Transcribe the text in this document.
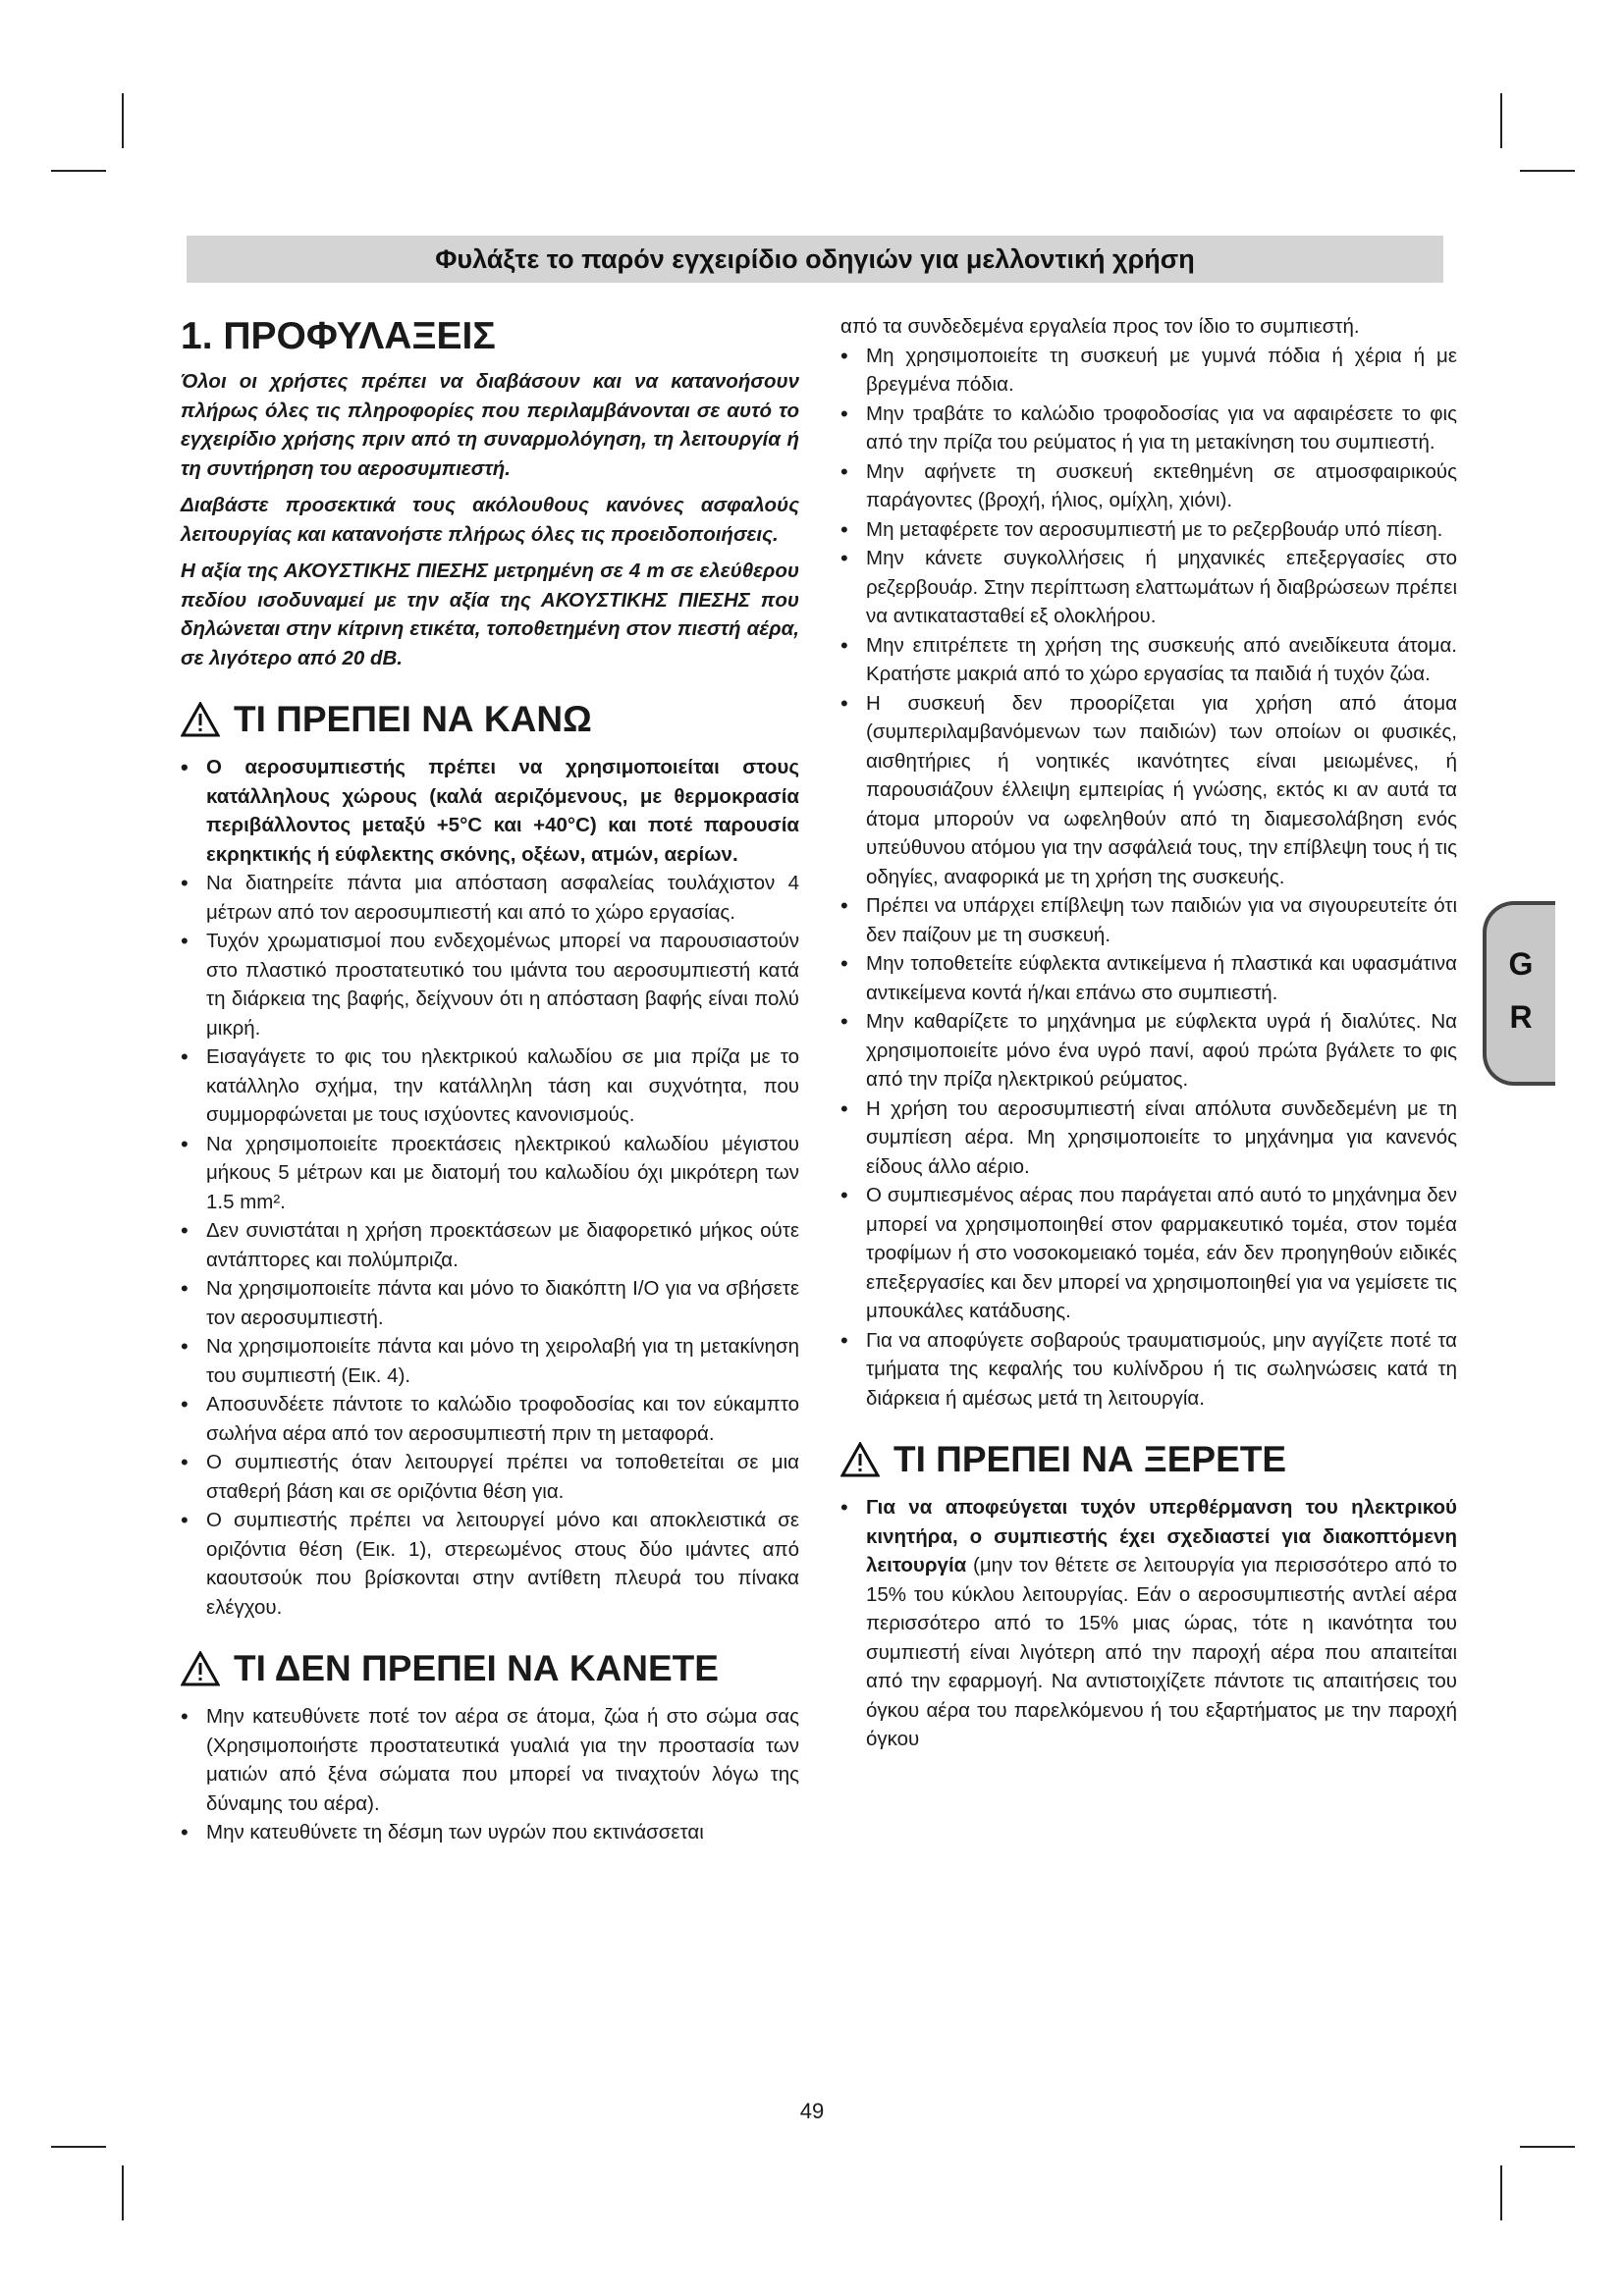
Φυλάξτε το παρόν εγχειρίδιο οδηγιών για μελλοντική χρήση
1. ΠΡΟΦΥΛΑΞΕΙΣ

Όλοι οι χρήστες πρέπει να διαβάσουν και να κατανοήσουν πλήρως όλες τις πληροφορίες που περιλαμβάνονται σε αυτό το εγχειρίδιο χρήσης πριν από τη συναρμολόγηση, τη λειτουργία ή τη συντήρηση του αεροσυμπιεστή.

Διαβάστε προσεκτικά τους ακόλουθους κανόνες ασφαλούς λειτουργίας και κατανοήστε πλήρως όλες τις προειδοποιήσεις.

Η αξία της ΑΚΟΥΣΤΙΚΗΣ ΠΙΕΣΗΣ μετρημένη σε 4 m σε ελεύθερου πεδίου ισοδυναμεί με την αξία της ΑΚΟΥΣΤΙΚΗΣ ΠΙΕΣΗΣ που δηλώνεται στην κίτρινη ετικέτα, τοποθετημένη στον πιεστή αέρα, σε λιγότερο από 20 dB.

ΤΙ ΠΡΕΠΕΙ ΝΑ ΚΑΝΩ
• Ο αεροσυμπιεστής πρέπει να χρησιμοποιείται στους κατάλληλους χώρους (καλά αεριζόμενους, με θερμοκρασία περιβάλλοντος μεταξύ +5°C και +40°C) και ποτέ παρουσία εκρηκτικής ή εύφλεκτης σκόνης, οξέων, ατμών, αερίων.
• Να διατηρείτε πάντα μια απόσταση ασφαλείας τουλάχιστον 4 μέτρων από τον αεροσυμπιεστή και από το χώρο εργασίας.
• Τυχόν χρωματισμοί που ενδεχομένως μπορεί να παρουσιαστούν στο πλαστικό προστατευτικό του ιμάντα του αεροσυμπιεστή κατά τη διάρκεια της βαφής, δείχνουν ότι η απόσταση βαφής είναι πολύ μικρή.
• Εισαγάγετε το φις του ηλεκτρικού καλωδίου σε μια πρίζα με το κατάλληλο σχήμα, την κατάλληλη τάση και συχνότητα, που συμμορφώνεται με τους ισχύοντες κανονισμούς.
• Να χρησιμοποιείτε προεκτάσεις ηλεκτρικού καλωδίου μέγιστου μήκους 5 μέτρων και με διατομή του καλωδίου όχι μικρότερη των 1.5 mm².
• Δεν συνιστάται η χρήση προεκτάσεων με διαφορετικό μήκος ούτε αντάπτορες και πολύμπριζα.
• Να χρησιμοποιείτε πάντα και μόνο το διακόπτη I/O για να σβήσετε τον αεροσυμπιεστή.
• Να χρησιμοποιείτε πάντα και μόνο τη χειρολαβή για τη μετακίνηση του συμπιεστή (Εικ. 4).
• Αποσυνδέετε πάντοτε το καλώδιο τροφοδοσίας και τον εύκαμπτο σωλήνα αέρα από τον αεροσυμπιεστή πριν τη μεταφορά.
• Ο συμπιεστής όταν λειτουργεί πρέπει να τοποθετείται σε μια σταθερή βάση και σε οριζόντια θέση για.
• Ο συμπιεστής πρέπει να λειτουργεί μόνο και αποκλειστικά σε οριζόντια θέση (Εικ. 1), στερεωμένος στους δύο ιμάντες από καουτσούκ που βρίσκονται στην αντίθετη πλευρά του πίνακα ελέγχου.
ΤΙ ΔΕΝ ΠΡΕΠΕΙ ΝΑ ΚΑΝΕΤΕ
• Μην κατευθύνετε ποτέ τον αέρα σε άτομα, ζώα ή στο σώμα σας (Χρησιμοποιήστε προστατευτικά γυαλιά για την προστασία των ματιών από ξένα σώματα που μπορεί να τιναχτούν λόγω της δύναμης του αέρα).
• Μην κατευθύνετε τη δέσμη των υγρών που εκτινάσσεται

από τα συνδεδεμένα εργαλεία προς τον ίδιο το συμπιεστή.

• Μη χρησιμοποιείτε τη συσκευή με γυμνά πόδια ή χέρια ή με βρεγμένα πόδια.
• Μην τραβάτε το καλώδιο τροφοδοσίας για να αφαιρέσετε το φις από την πρίζα του ρεύματος ή για τη μετακίνηση του συμπιεστή.
• Μην αφήνετε τη συσκευή εκτεθημένη σε ατμοσφαιρικούς παράγοντες (βροχή, ήλιος, ομίχλη, χιόνι).
• Μη μεταφέρετε τον αεροσυμπιεστή με το ρεζερβουάρ υπό πίεση.
• Μην κάνετε συγκολλήσεις ή μηχανικές επεξεργασίες στο ρεζερβουάρ. Στην περίπτωση ελαττωμάτων ή διαβρώσεων πρέπει να αντικατασταθεί εξ ολοκλήρου.
• Μην επιτρέπετε τη χρήση της συσκευής από ανειδίκευτα άτομα. Κρατήστε μακριά από το χώρο εργασίας τα παιδιά ή τυχόν ζώα.
• Η συσκευή δεν προορίζεται για χρήση από άτομα (συμπεριλαμβανόμενων των παιδιών) των οποίων οι φυσικές, αισθητήριες ή νοητικές ικανότητες είναι μειωμένες, ή παρουσιάζουν έλλειψη εμπειρίας ή γνώσης, εκτός κι αν αυτά τα άτομα μπορούν να ωφεληθούν από τη διαμεσολάβηση ενός υπεύθυνου ατόμου για την ασφάλειά τους, την επίβλεψη τους ή τις οδηγίες, αναφορικά με τη χρήση της συσκευής.
• Πρέπει να υπάρχει επίβλεψη των παιδιών για να σιγουρευτείτε ότι δεν παίζουν με τη συσκευή.
• Μην τοποθετείτε εύφλεκτα αντικείμενα ή πλαστικά και υφασμάτινα αντικείμενα κοντά ή/και επάνω στο συμπιεστή.
• Μην καθαρίζετε το μηχάνημα με εύφλεκτα υγρά ή διαλύτες. Να χρησιμοποιείτε μόνο ένα υγρό πανί, αφού πρώτα βγάλετε το φις από την πρίζα ηλεκτρικού ρεύματος.
• Η χρήση του αεροσυμπιεστή είναι απόλυτα συνδεδεμένη με τη συμπίεση αέρα. Μη χρησιμοποιείτε το μηχάνημα για κανενός είδους άλλο αέριο.
• Ο συμπιεσμένος αέρας που παράγεται από αυτό το μηχάνημα δεν μπορεί να χρησιμοποιηθεί στον φαρμακευτικό τομέα, στον τομέα τροφίμων ή στο νοσοκομειακό τομέα, εάν δεν προηγηθούν ειδικές επεξεργασίες και δεν μπορεί να χρησιμοποιηθεί για να γεμίσετε τις μπουκάλες κατάδυσης.
• Για να αποφύγετε σοβαρούς τραυματισμούς, μην αγγίζετε ποτέ τα τμήματα της κεφαλής του κυλίνδρου ή τις σωληνώσεις κατά τη διάρκεια ή αμέσως μετά τη λειτουργία.
ΤΙ ΠΡΕΠΕΙ ΝΑ ΞΕΡΕΤΕ
• Για να αποφεύγεται τυχόν υπερθέρμανση του ηλεκτρικού κινητήρα, ο συμπιεστής έχει σχεδιαστεί για διακοπτόμενη λειτουργία (μην τον θέτετε σε λειτουργία για περισσότερο από το 15% του κύκλου λειτουργίας. Εάν ο αεροσυμπιεστής αντλεί αέρα περισσότερο από το 15% μιας ώρας, τότε η ικανότητα του συμπιεστή είναι λιγότερη από την παροχή αέρα που απαιτείται από την εφαρμογή. Να αντιστοιχίζετε πάντοτε τις απαιτήσεις του όγκου αέρα του παρελκόμενου ή του εξαρτήματος με την παροχή όγκου
G
R
49
